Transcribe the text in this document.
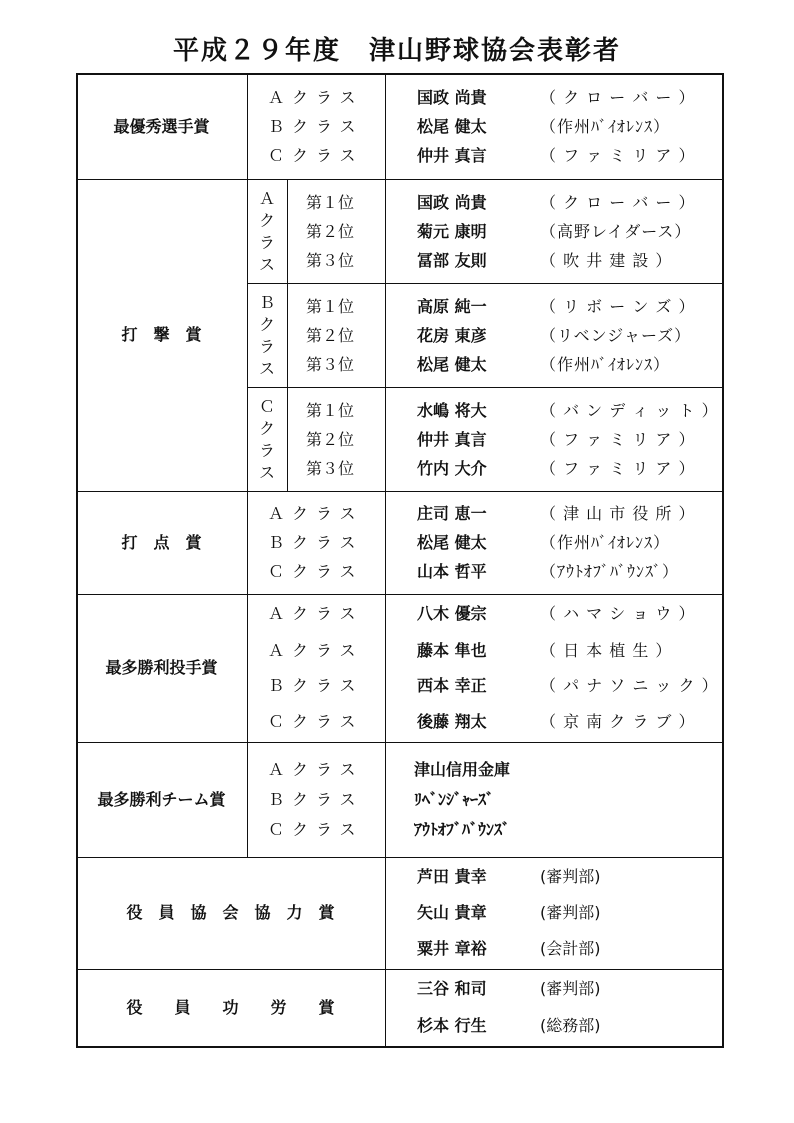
平成２９年度　津山野球協会表彰者
最優秀選手賞
Ａクラス	国政 尚貴	（ ク ロ ー バ ー ）
Ｂクラス	松尾 健太	（作州ﾊﾞｲｵﾚﾝｽ）
Ｃクラス	仲井 真言	（ フ ァ ミ リ ア ）
打　撃　賞
Ａ
ク
ラ
ス
第１位	国政 尚貴	（ ク ロ ー バ ー ）
第２位	菊元 康明	（高野レイダース）
第３位	冨部 友則	（ 吹 井 建 設 ）
Ｂ
ク
ラ
ス
第１位	高原 純一	（ リ ボ ー ン ズ ）
第２位	花房 東彦	（リベンジャーズ）
第３位	松尾 健太	（作州ﾊﾞｲｵﾚﾝｽ）
Ｃ
ク
ラ
ス
第１位	水嶋 将大	（ バ ン デ ィ ッ ト ）
第２位	仲井 真言	（ フ ァ ミ リ ア ）
第３位	竹内 大介	（ フ ァ ミ リ ア ）
打　点　賞
Ａクラス	庄司 恵一	（ 津 山 市 役 所 ）
Ｂクラス	松尾 健太	（作州ﾊﾞｲｵﾚﾝｽ）
Ｃクラス	山本 哲平	（ｱｳﾄｵﾌﾞﾊﾞｳﾝｽﾞ）
最多勝利投手賞
Ａクラス	八木 優宗	（ ハ マ シ ョ ウ ）
Ａクラス	藤本 隼也	（ 日 本 植 生 ）
Ｂクラス	西本 幸正	（ パ ナ ソ ニ ッ ク ）
Ｃクラス	後藤 翔太	（ 京 南 ク ラ ブ ）
最多勝利チーム賞
Ａクラス	津山信用金庫
Ｂクラス	ﾘﾍﾞﾝｼﾞｬｰｽﾞ
Ｃクラス	ｱｳﾄｵﾌﾞﾊﾞｳﾝｽﾞ
役　員　協　会　協　力　賞
芦田 貴幸	(審判部)
矢山 貴章	(審判部)
粟井 章裕	(会計部)
役　　員　　功　　労　　賞
三谷 和司	(審判部)
杉本 行生	(総務部)
